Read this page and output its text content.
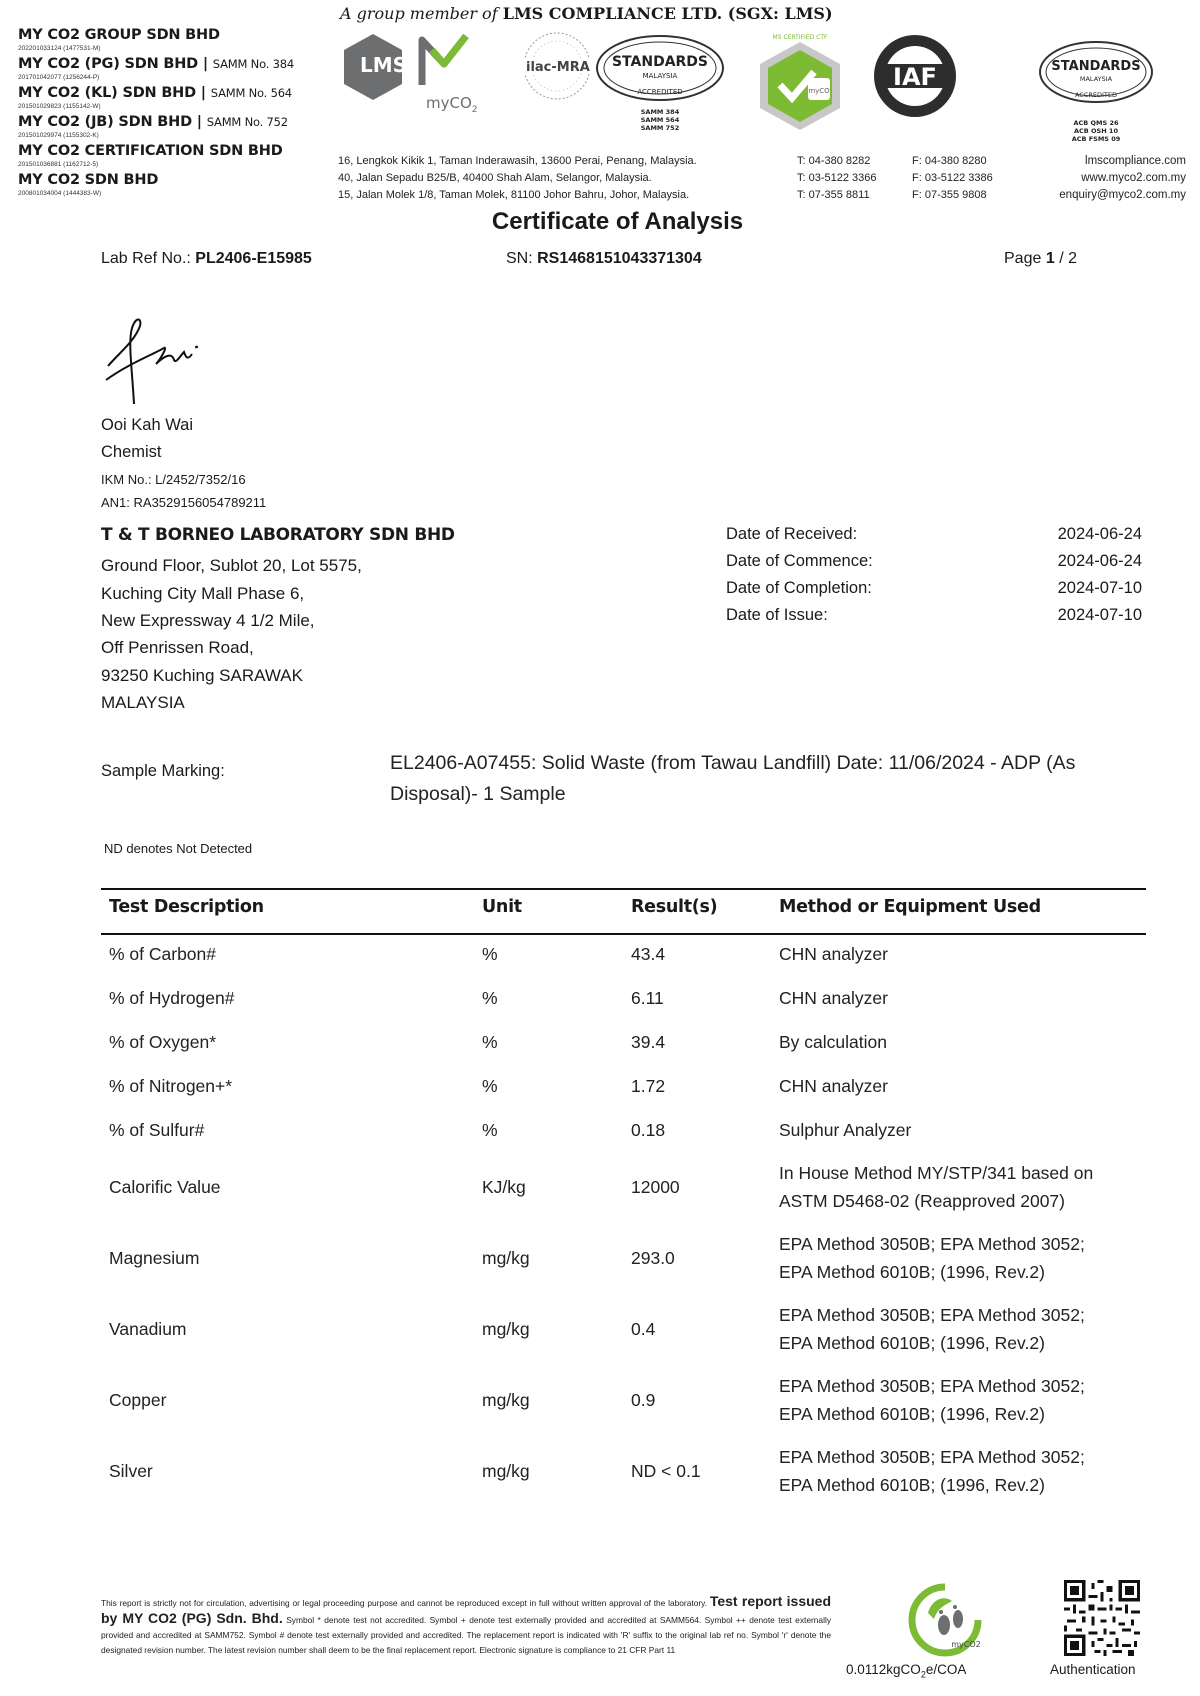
MY CO2 GROUP SDN BHD
202201033124 (1477531-M)
MY CO2 (PG) SDN BHD | SAMM No. 384
201701042077 (1256244-P)
MY CO2 (KL) SDN BHD | SAMM No. 564
201501029823 (1155142-W)
MY CO2 (JB) SDN BHD | SAMM No. 752
201501029974 (1155302-K)
MY CO2 CERTIFICATION SDN BHD
201501036881 (1162712-5)
MY CO2 SDN BHD
200801034004 (1444383-W)
A group member of LMS COMPLIANCE LTD. (SGX: LMS)
LMS
myCO$_2$
ilac-MRA STANDARDS
MALAYSIA
ACCREDITED
SAMM 384
SAMM 564
SAMM 752
MS CERTIFIED CTF
myCO	IAF	STANDARDS
MALAYSIA
ACCREDITED
ACB QMS 26
ACB OSH 10
ACB FSMS 09
16, Lengkok Kikik 1, Taman Inderawasih, 13600 Perai, Penang, Malaysia.
40, Jalan Sepadu B25/B, 40400 Shah Alam, Selangor, Malaysia.
15, Jalan Molek 1/8, Taman Molek, 81100 Johor Bahru, Johor, Malaysia.
T: 04-380 8282
T: 03-5122 3366
T: 07-355 8811
F: 04-380 8280
F: 03-5122 3386
F: 07-355 9808
lmscompliance.com
www.myco2.com.my
enquiry@myco2.com.my
Certificate of Analysis
Lab Ref No.: PL2406-E15985	SN: RS1468151043371304	Page 1 / 2
Ooi Kah Wai
Chemist
IKM No.: L/2452/7352/16
AN1: RA3529156054789211
T & T BORNEO LABORATORY SDN BHD
Ground Floor, Sublot 20, Lot 5575,
Kuching City Mall Phase 6,
New Expressway 4 1/2 Mile,
Off Penrissen Road,
93250 Kuching SARAWAK
MALAYSIA
Date of Received:	2024-06-24
Date of Commence:	2024-06-24
Date of Completion:	2024-07-10
Date of Issue:	2024-07-10
Sample Marking:	EL2406-A07455: Solid Waste (from Tawau Landfill) Date: 11/06/2024 - ADP (As Disposal)- 1 Sample
ND denotes Not Detected
Test Description	Unit	Result(s)	Method or Equipment Used
% of Carbon#	%	43.4	CHN analyzer
% of Hydrogen#	%	6.11	CHN analyzer
% of Oxygen*	%	39.4	By calculation
% of Nitrogen+*	%	1.72	CHN analyzer
% of Sulfur#	%	0.18	Sulphur Analyzer
Calorific Value	KJ/kg	12000
In House Method MY/STP/341 based on
ASTM D5468-02 (Reapproved 2007)
Magnesium	mg/kg	293.0
EPA Method 3050B; EPA Method 3052;
EPA Method 6010B; (1996, Rev.2)
Vanadium	mg/kg	0.4
EPA Method 3050B; EPA Method 3052;
EPA Method 6010B; (1996, Rev.2)
Copper	mg/kg	0.9
EPA Method 3050B; EPA Method 3052;
EPA Method 6010B; (1996, Rev.2)
Silver	mg/kg	ND < 0.1
EPA Method 3050B; EPA Method 3052;
EPA Method 6010B; (1996, Rev.2)
This report is strictly not for circulation, advertising or legal proceeding purpose and cannot be reproduced except in full without written approval of the laboratory. Test report issued by MY CO2 (PG) Sdn. Bhd. Symbol * denote test not accredited. Symbol + denote test externally provided and accredited at SAMM564. Symbol ++ denote test externally provided and accredited at SAMM752. Symbol # denote test externally provided and accredited. The replacement report is indicated with 'R' suffix to the original lab ref no. Symbol 'r' denote the designated revision number. The latest revision number shall deem to be the final replacement report. Electronic signature is compliance to 21 CFR Part 11
myCO2
0.0112kgCO$_2$e/COA	Authentication
